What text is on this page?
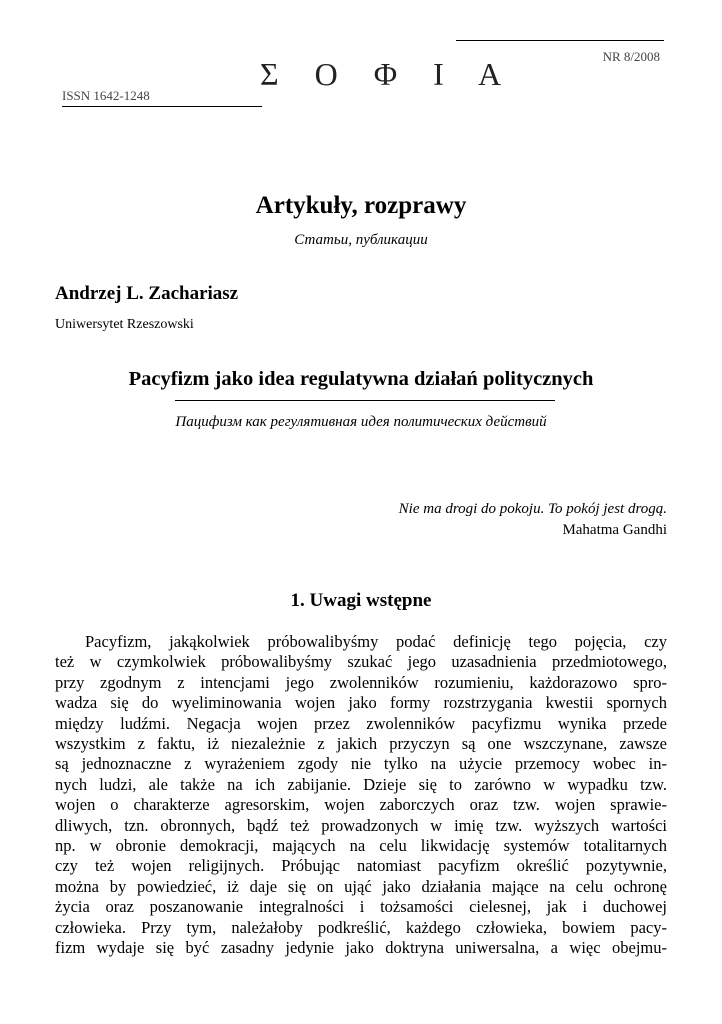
NR 8/2008
Σ Ο Φ Ι Α
ISSN 1642-1248
Artykuły, rozprawy
Статьи, публикации
Andrzej L. Zachariasz
Uniwersytet Rzeszowski
Pacyfizm jako idea regulatywna działań politycznych
Пацифизм как регулятивная идея политических действий
Nie ma drogi do pokoju. To pokój jest drogą.
Mahatma Gandhi
1. Uwagi wstępne
Pacyfizm, jakąkolwiek próbowalibyśmy podać definicję tego pojęcia, czy
też w czymkolwiek próbowalibyśmy szukać jego uzasadnienia przedmiotowego,
przy zgodnym z intencjami jego zwolenników rozumieniu, każdorazowo spro-
wadza się do wyeliminowania wojen jako formy rozstrzygania kwestii spornych
między ludźmi. Negacja wojen przez zwolenników pacyfizmu wynika przede
wszystkim z faktu, iż niezależnie z jakich przyczyn są one wszczynane, zawsze
są jednoznaczne z wyrażeniem zgody nie tylko na użycie przemocy wobec in-
nych ludzi, ale także na ich zabijanie. Dzieje się to zarówno w wypadku tzw.
wojen o charakterze agresorskim, wojen zaborczych oraz tzw. wojen sprawie-
dliwych, tzn. obronnych, bądź też prowadzonych w imię tzw. wyższych wartości
np. w obronie demokracji, mających na celu likwidację systemów totalitarnych
czy też wojen religijnych. Próbując natomiast pacyfizm określić pozytywnie,
można by powiedzieć, iż daje się on ująć jako działania mające na celu ochronę
życia oraz poszanowanie integralności i tożsamości cielesnej, jak i duchowej
człowieka. Przy tym, należałoby podkreślić, każdego człowieka, bowiem pacy-
fizm wydaje się być zasadny jedynie jako doktryna uniwersalna, a więc obejmu-
